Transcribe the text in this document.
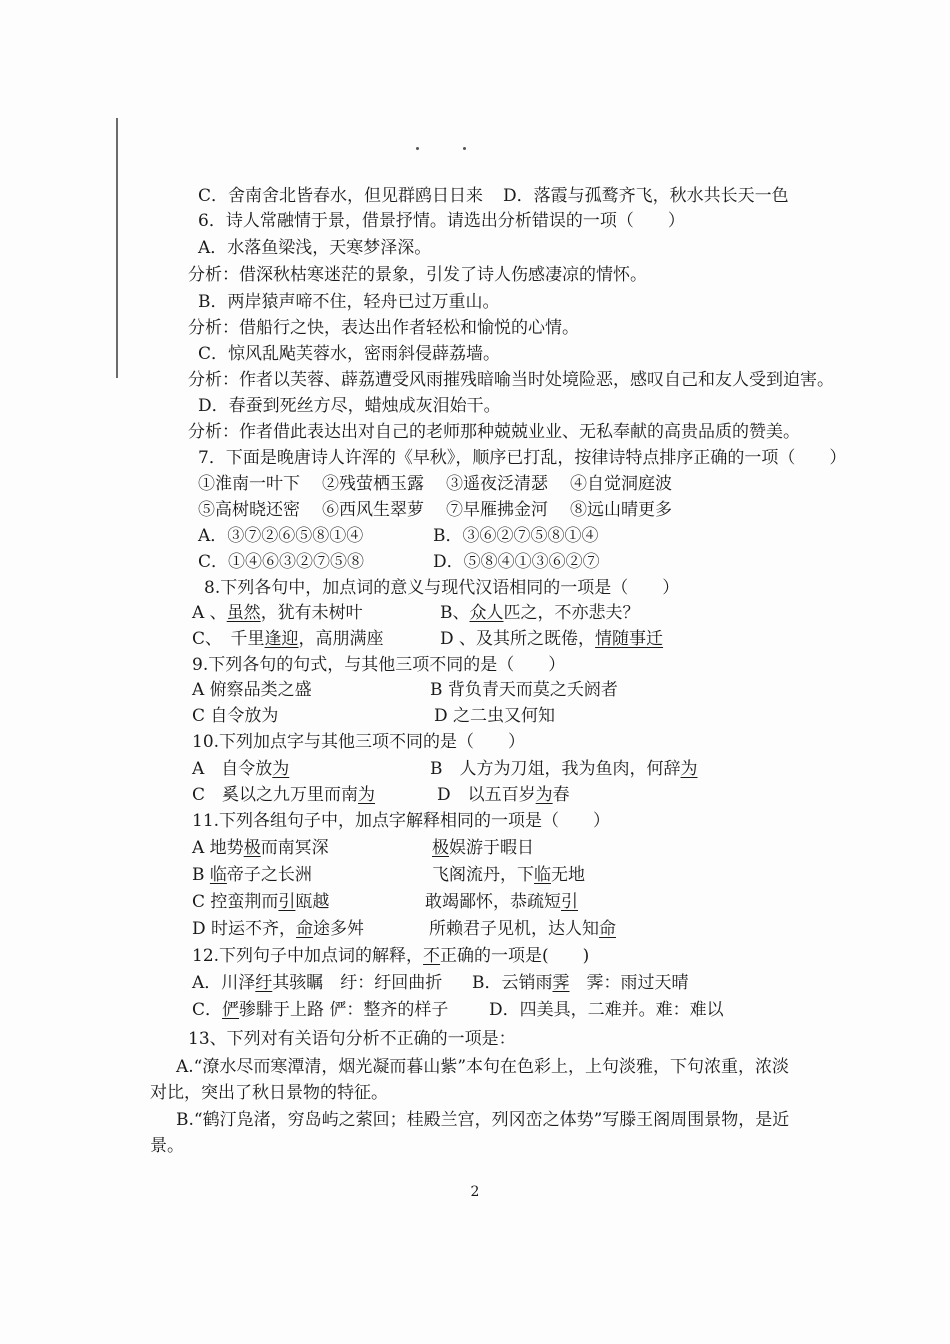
C．舍南舍北皆春水，但见群鸥日日来 D．落霞与孤鹜齐飞，秋水共长天一色
6．诗人常融情于景，借景抒情。请选出分析错误的一项（　　）
A．水落鱼梁浅，天寒梦泽深。
分析：借深秋枯寒迷茫的景象，引发了诗人伤感凄凉的情怀。
B．两岸猿声啼不住，轻舟已过万重山。
分析：借船行之快，表达出作者轻松和愉悦的心情。
C．惊风乱飐芙蓉水，密雨斜侵薜荔墙。
分析：作者以芙蓉、薜荔遭受风雨摧残暗喻当时处境险恶，感叹自己和友人受到迫害。
D．春蚕到死丝方尽，蜡烛成灰泪始干。
分析：作者借此表达出对自己的老师那种兢兢业业、无私奉献的高贵品质的赞美。
7．下面是晚唐诗人许浑的《早秋》，顺序已打乱，按律诗特点排序正确的一项（　　）
①淮南一叶下 ②残萤栖玉露 ③遥夜泛清瑟 ④自觉洞庭波
⑤高树晓还密 ⑥西风生翠萝 ⑦早雁拂金河 ⑧远山晴更多
A．③⑦②⑥⑤⑧①④	B．③⑥②⑦⑤⑧①④
C．①④⑥③②⑦⑤⑧	D．⑤⑧④①③⑥②⑦
8.下列各句中，加点词的意义与现代汉语相同的一项是（　　）
A 、虽然，犹有未树叶	B、众人匹之，不亦悲夫？
C、　千里逢迎，高朋满座	D 、及其所之既倦，情随事迁
9.下列各句的句式，与其他三项不同的是（　　）
A 俯察品类之盛	B 背负青天而莫之夭阏者
C 自令放为	D 之二虫又何知
10.下列加点字与其他三项不同的是（　　）
A　自令放为	B　人方为刀俎，我为鱼肉，何辞为
C　奚以之九万里而南为	D　以五百岁为春
11.下列各组句子中，加点字解释相同的一项是（　　）
A 地势极而南冥深	极娱游于暇日
B 临帝子之长洲	飞阁流丹，下临无地
C 控蛮荆而引瓯越	敢竭鄙怀，恭疏短引
D 时运不齐，命途多舛	所赖君子见机，达人知命
12.下列句子中加点词的解释，不正确的一项是(　　)
A．川泽纡其骇瞩　纡：纡回曲折 B．云销雨霁　霁：雨过天晴
C．俨骖騑于上路 俨：整齐的样子 D．四美具，二难并。难：难以
13、下列对有关语句分析不正确的一项是：
A.“潦水尽而寒潭清，烟光凝而暮山紫”本句在色彩上，上句淡雅，下句浓重，浓淡
对比，突出了秋日景物的特征。
B.“鹤汀凫渚，穷岛屿之萦回；桂殿兰宫，列冈峦之体势”写滕王阁周围景物，是近
景。
2
